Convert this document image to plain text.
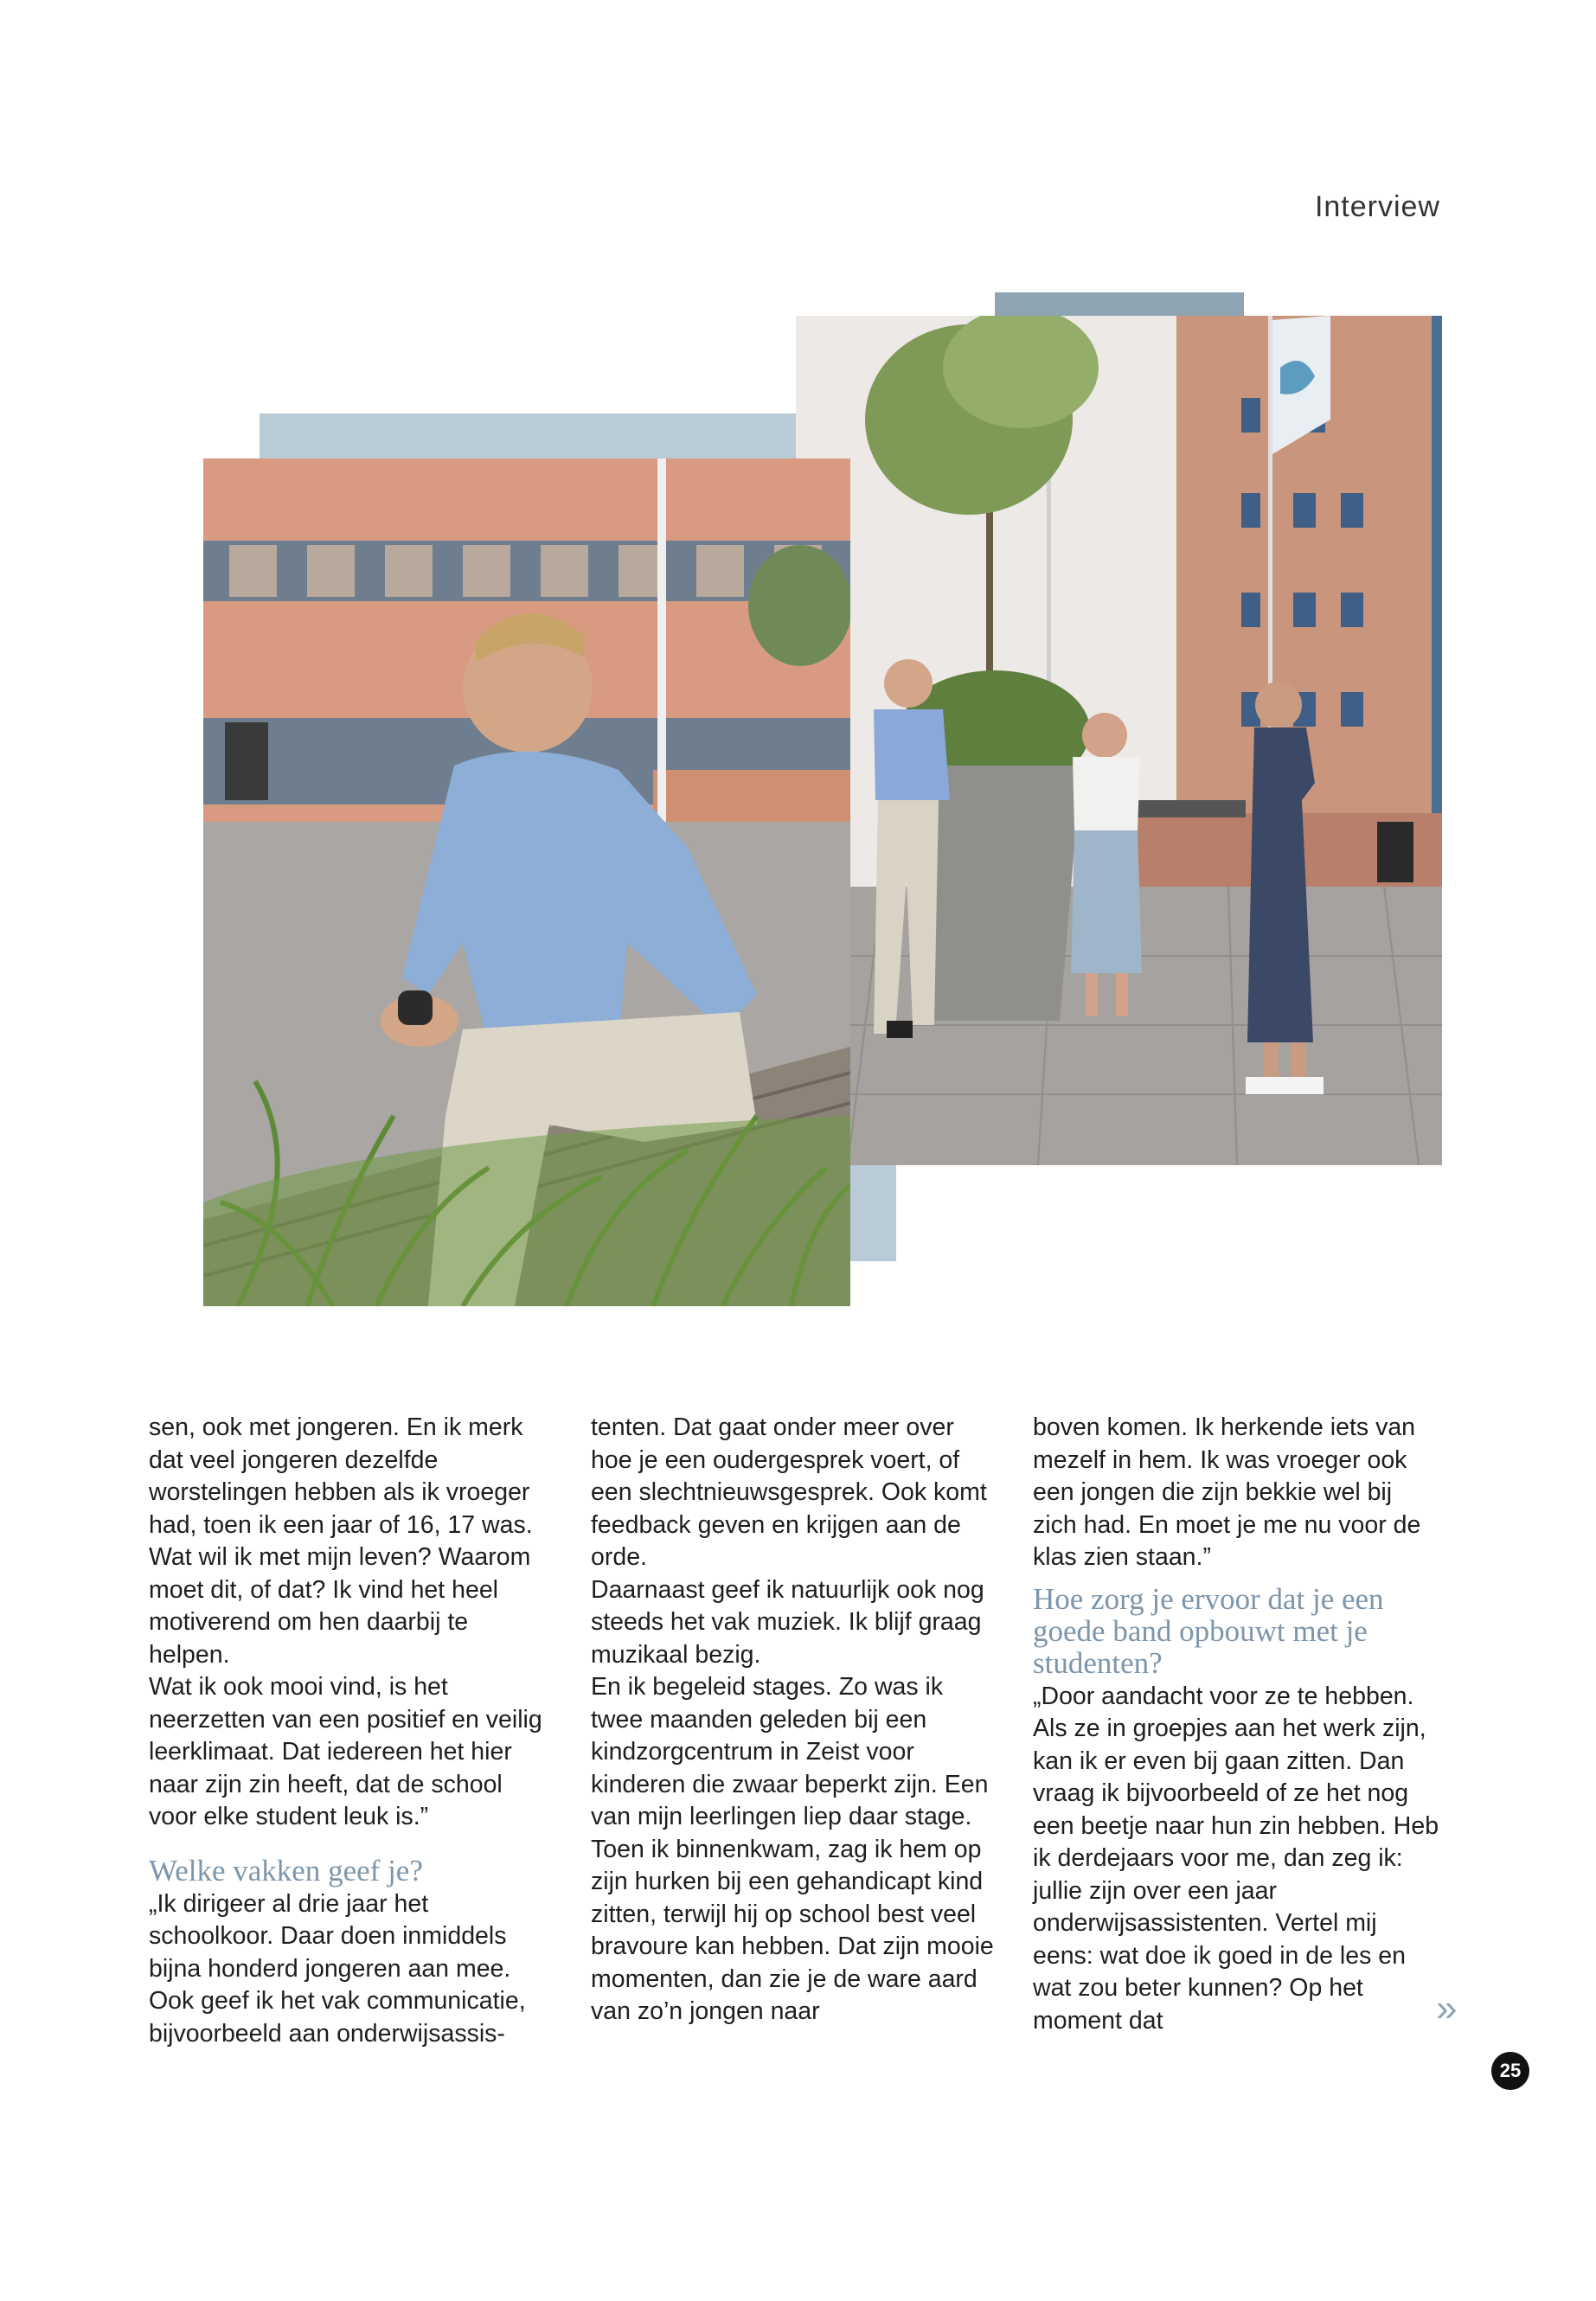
Interview

sen, ook met jongeren. En ik merk dat veel jongeren dezelfde worstelingen hebben als ik vroeger had, toen ik een jaar of 16, 17 was. Wat wil ik met mijn leven? Waarom moet dit, of dat? Ik vind het heel motiverend om hen daarbij te helpen.

Wat ik ook mooi vind, is het neerzetten van een positief en veilig leerklimaat. Dat iedereen het hier naar zijn zin heeft, dat de school voor elke student leuk is.”

Welke vakken geef je?

„Ik dirigeer al drie jaar het schoolkoor. Daar doen inmiddels bijna honderd jongeren aan mee.

Ook geef ik het vak communicatie, bijvoorbeeld aan onderwijsassis-

tenten. Dat gaat onder meer over hoe je een oudergesprek voert, of een slechtnieuwsgesprek. Ook komt feedback geven en krijgen aan de orde.

Daarnaast geef ik natuurlijk ook nog steeds het vak muziek. Ik blijf graag muzikaal bezig.

En ik begeleid stages. Zo was ik twee maanden geleden bij een kindzorgcentrum in Zeist voor kinderen die zwaar beperkt zijn. Een van mijn leerlingen liep daar stage. Toen ik binnenkwam, zag ik hem op zijn hurken bij een gehandicapt kind zitten, terwijl hij op school best veel bravoure kan hebben. Dat zijn mooie momenten, dan zie je de ware aard van zo’n jongen naar

boven komen. Ik herkende iets van mezelf in hem. Ik was vroeger ook een jongen die zijn bekkie wel bij zich had. En moet je me nu voor de klas zien staan.”

Hoe zorg je ervoor dat je een goede band opbouwt met je studenten?

„Door aandacht voor ze te hebben. Als ze in groepjes aan het werk zijn, kan ik er even bij gaan zitten. Dan vraag ik bijvoorbeeld of ze het nog een beetje naar hun zin hebben. Heb ik derdejaars voor me, dan zeg ik: jullie zijn over een jaar onderwijsassistenten. Vertel mij eens: wat doe ik goed in de les en wat zou beter kunnen? Op het moment dat	»
25
